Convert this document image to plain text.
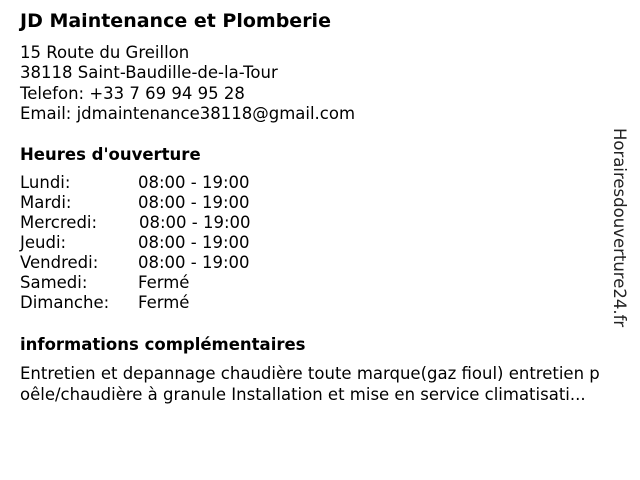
JD Maintenance et Plomberie
15 Route du Greillon
38118 Saint-Baudille-de-la-Tour
Telefon: +33 7 69 94 95 28
Email: jdmaintenance38118@gmail.com
Heures d'ouverture
Lundi:	08:00 - 19:00
Mardi:	08:00 - 19:00
Mercredi:	08:00 - 19:00
Jeudi:	08:00 - 19:00
Vendredi: 08:00 - 19:00
Samedi:	Fermé
Dimanche: Fermé
informations complémentaires
Entretien et depannage chaudière toute marque(gaz fioul) entretien p
oêle/chaudière à granule Installation et mise en service climatisati...
Horairesdouverture24.fr
